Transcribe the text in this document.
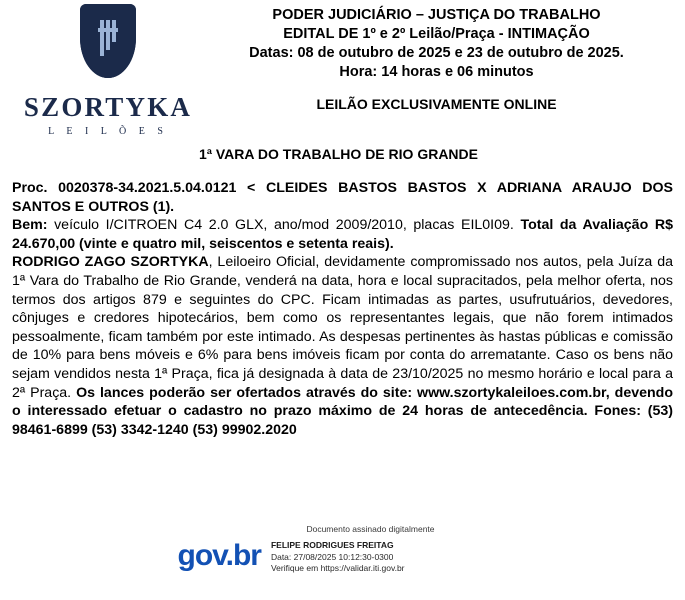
SZORTYKA
L E I L Õ E S
PODER JUDICIÁRIO – JUSTIÇA DO TRABALHO
EDITAL DE 1º e 2º Leilão/Praça - INTIMAÇÃO
Datas: 08 de outubro de 2025 e 23 de outubro de 2025.
Hora: 14 horas e 06 minutos
LEILÃO EXCLUSIVAMENTE ONLINE
1ª VARA DO TRABALHO DE RIO GRANDE

Proc. 0020378-34.2021.5.04.0121 < CLEIDES BASTOS BASTOS X ADRIANA ARAUJO DOS SANTOS E OUTROS (1).
Bem: veículo I/CITROEN C4 2.0 GLX, ano/mod 2009/2010, placas EIL0I09. Total da Avaliação R$ 24.670,00 (vinte e quatro mil, seiscentos e setenta reais).
RODRIGO ZAGO SZORTYKA, Leiloeiro Oficial, devidamente compromissado nos autos, pela Juíza da 1ª Vara do Trabalho de Rio Grande, venderá na data, hora e local supracitados, pela melhor oferta, nos termos dos artigos 879 e seguintes do CPC. Ficam intimadas as partes, usufrutuários, devedores, cônjuges e credores hipotecários, bem como os representantes legais, que não forem intimados pessoalmente, ficam também por este intimado. As despesas pertinentes às hastas públicas e comissão de 10% para bens móveis e 6% para bens imóveis ficam por conta do arrematante. Caso os bens não sejam vendidos nesta 1ª Praça, fica já designada à data de 23/10/2025 no mesmo horário e local para a 2ª Praça. Os lances poderão ser ofertados através do site: www.szortykaleiloes.com.br, devendo o interessado efetuar o cadastro no prazo máximo de 24 horas de antecedência. Fones: (53) 98461-6899 (53) 3342-1240 (53) 99902.2020

Documento assinado digitalmente
gov.br FELIPE RODRIGUES FREITAG
Data: 27/08/2025 10:12:30-0300
Verifique em https://validar.iti.gov.br
